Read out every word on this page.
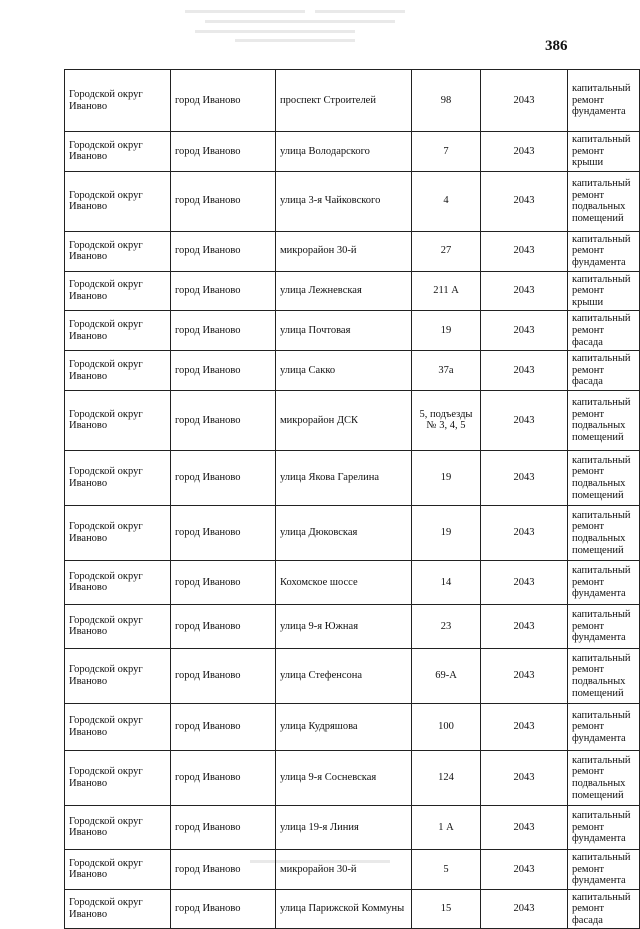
386
Городской округ Иваново	город Иваново	проспект Строителей	98	2043	капитальный ремонт фундамента
Городской округ Иваново	город Иваново	улица Володарского	7	2043	капитальный ремонт крыши
Городской округ Иваново	город Иваново	улица 3-я Чайковского	4	2043	капитальный ремонт подвальных помещений
Городской округ Иваново	город Иваново	микрорайон 30-й	27	2043	капитальный ремонт фундамента
Городской округ Иваново	город Иваново	улица Лежневская	211 А	2043	капитальный ремонт крыши
Городской округ Иваново	город Иваново	улица Почтовая	19	2043	капитальный ремонт фасада
Городской округ Иваново	город Иваново	улица Сакко	37а	2043	капитальный ремонт фасада
Городской округ Иваново	город Иваново	микрорайон ДСК	5, подъезды № 3, 4, 5	2043	капитальный ремонт подвальных помещений
Городской округ Иваново	город Иваново	улица Якова Гарелина	19	2043	капитальный ремонт подвальных помещений
Городской округ Иваново	город Иваново	улица Дюковская	19	2043	капитальный ремонт подвальных помещений
Городской округ Иваново	город Иваново	Кохомское шоссе	14	2043	капитальный ремонт фундамента
Городской округ Иваново	город Иваново	улица 9-я Южная	23	2043	капитальный ремонт фундамента
Городской округ Иваново	город Иваново	улица Стефенсона	69-А	2043	капитальный ремонт подвальных помещений
Городской округ Иваново	город Иваново	улица Кудряшова	100	2043	капитальный ремонт фундамента
Городской округ Иваново	город Иваново	улица 9-я Сосневская	124	2043	капитальный ремонт подвальных помещений
Городской округ Иваново	город Иваново	улица 19-я Линия	1 А	2043	капитальный ремонт фундамента
Городской округ Иваново	город Иваново	микрорайон 30-й	5	2043	капитальный ремонт фундамента
Городской округ Иваново	город Иваново	улица Парижской Коммуны	15	2043	капитальный ремонт фасада
